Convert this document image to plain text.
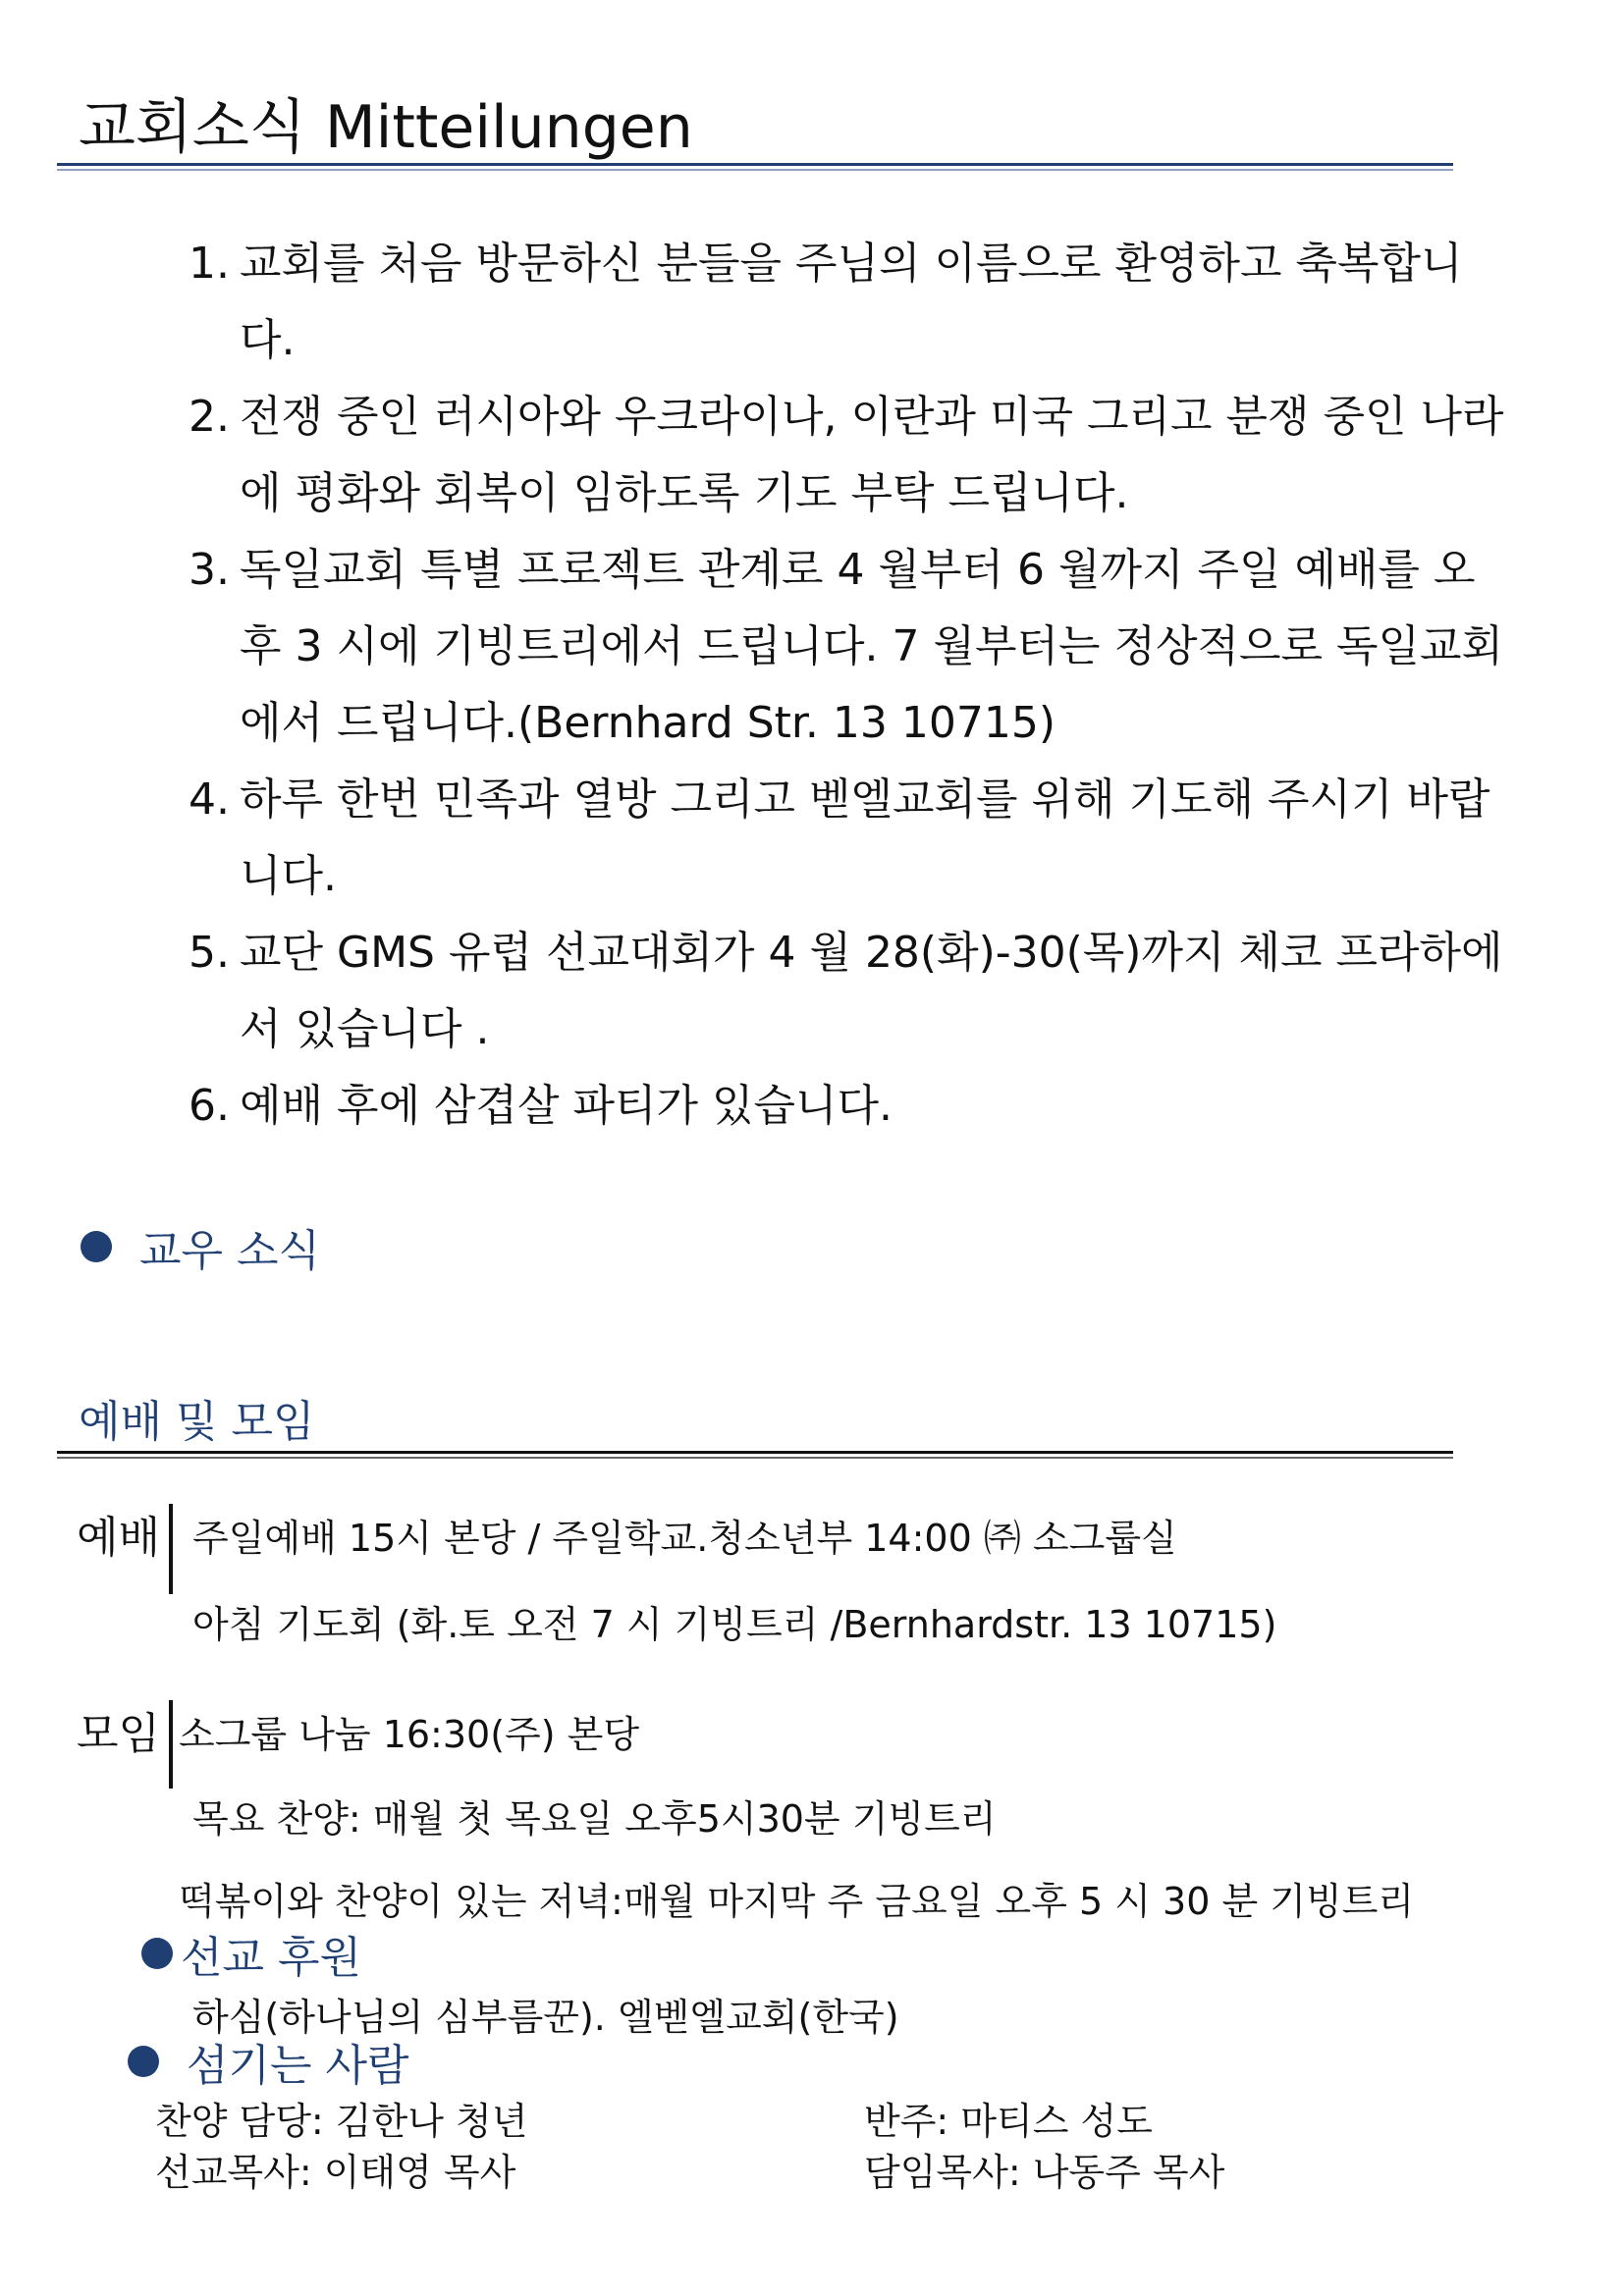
교회소식 Mitteilungen
1. 교회를 처음 방문하신 분들을 주님의 이름으로 환영하고 축복합니다.
2. 전쟁 중인 러시아와 우크라이나, 이란과 미국 그리고 분쟁 중인 나라에 평화와 회복이 임하도록 기도 부탁 드립니다.
3. 독일교회 특별 프로젝트 관계로 4 월부터 6 월까지 주일 예배를 오후 3 시에 기빙트리에서 드립니다. 7 월부터는 정상적으로 독일교회에서 드립니다.(Bernhard Str. 13 10715)
4. 하루 한번 민족과 열방 그리고 벧엘교회를 위해 기도해 주시기 바랍니다.
5. 교단 GMS 유럽 선교대회가 4 월 28(화)-30(목)까지 체코 프라하에서 있습니다 .
6. 예배 후에 삼겹살 파티가 있습니다.
교우 소식
예배 및 모임
예배 주일예배 15시 본당 / 주일학교.청소년부 14:00 ㈜ 소그룹실
아침 기도회 (화.토 오전 7 시 기빙트리 /Bernhardstr. 13 10715)
모임 소그룹 나눔 16:30(주) 본당
목요 찬양: 매월 첫 목요일 오후5시30분 기빙트리
떡볶이와 찬양이 있는 저녁:매월 마지막 주 금요일 오후 5 시 30 분 기빙트리
선교 후원
하심(하나님의 심부름꾼). 엘벧엘교회(한국)
섬기는 사람
찬양 담당: 김한나 청년	반주: 마티스 성도
선교목사: 이태영 목사	담임목사: 나동주 목사
